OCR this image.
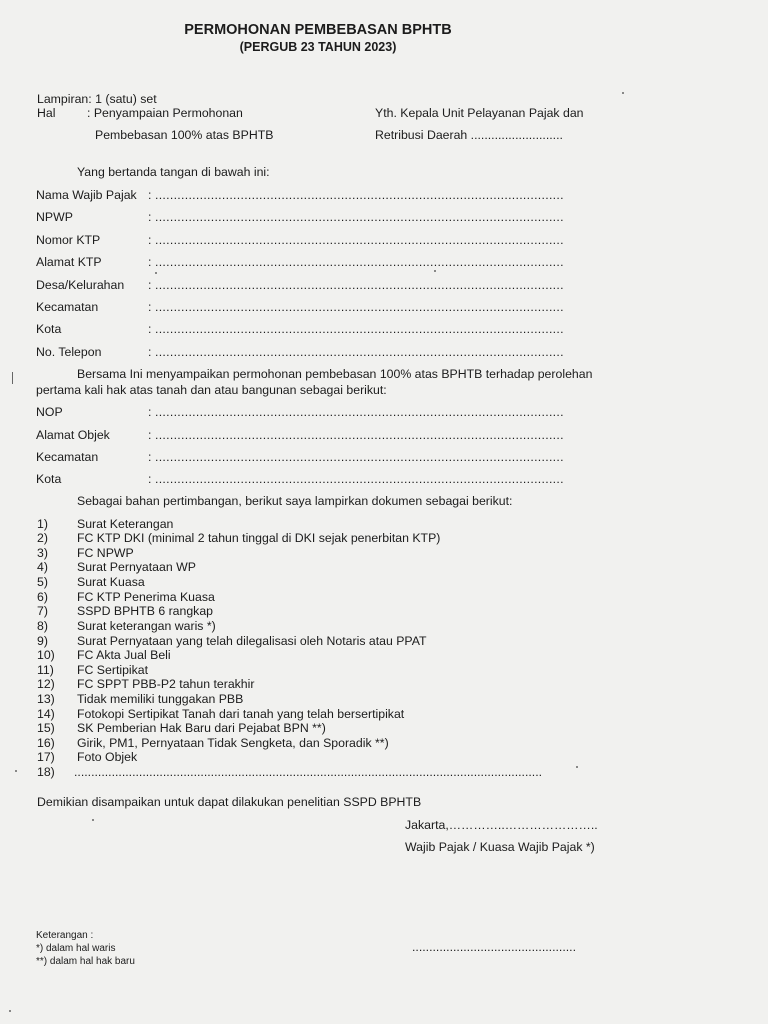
PERMOHONAN PEMBEBASAN BPHTB
(PERGUB 23 TAHUN 2023)
Lampiran: 1 (satu) set
Hal	: Penyampaian Permohonan
Pembebasan 100% atas BPHTB
Yth. Kepala Unit Pelayanan Pajak dan
Retribusi Daerah ...........................
Yang bertanda tangan di bawah ini:
Nama Wajib Pajak : ..............................................................................................................
NPWP	: ..............................................................................................................
Nomor KTP	: ..............................................................................................................
Alamat KTP	: ..............................................................................................................
Desa/Kelurahan : ..............................................................................................................
Kecamatan	: ..............................................................................................................
Kota	: ..............................................................................................................
No. Telepon	: ..............................................................................................................
Bersama Ini menyampaikan permohonan pembebasan 100% atas BPHTB terhadap perolehan
pertama kali hak atas tanah dan atau bangunan sebagai berikut:
NOP	: ..............................................................................................................
Alamat Objek	: ..............................................................................................................
Kecamatan	: ..............................................................................................................
Kota	: ..............................................................................................................
Sebagai bahan pertimbangan, berikut saya lampirkan dokumen sebagai berikut:
1)	Surat Keterangan
2)	FC KTP DKI (minimal 2 tahun tinggal di DKI sejak penerbitan KTP)
3)	FC NPWP
4)	Surat Pernyataan WP
5)	Surat Kuasa
6)	FC KTP Penerima Kuasa
7)	SSPD BPHTB 6 rangkap
8)	Surat keterangan waris *)
9)	Surat Pernyataan yang telah dilegalisasi oleh Notaris atau PPAT
10)	FC Akta Jual Beli
11)	FC Sertipikat
12)	FC SPPT PBB-P2 tahun terakhir
13)	Tidak memiliki tunggakan PBB
14)	Fotokopi Sertipikat Tanah dari tanah yang telah bersertipikat
15)	SK Pemberian Hak Baru dari Pejabat BPN **)
16)	Girik, PM1, Pernyataan Tidak Sengketa, dan Sporadik **)
17)	Foto Objek
18)	.........................................................................................................................................
Demikian disampaikan untuk dapat dilakukan penelitian SSPD BPHTB
Jakarta,…………..…………………..
Wajib Pajak / Kuasa Wajib Pajak *)
Keterangan :
*) dalam hal waris
**) dalam hal hak baru
................................................
